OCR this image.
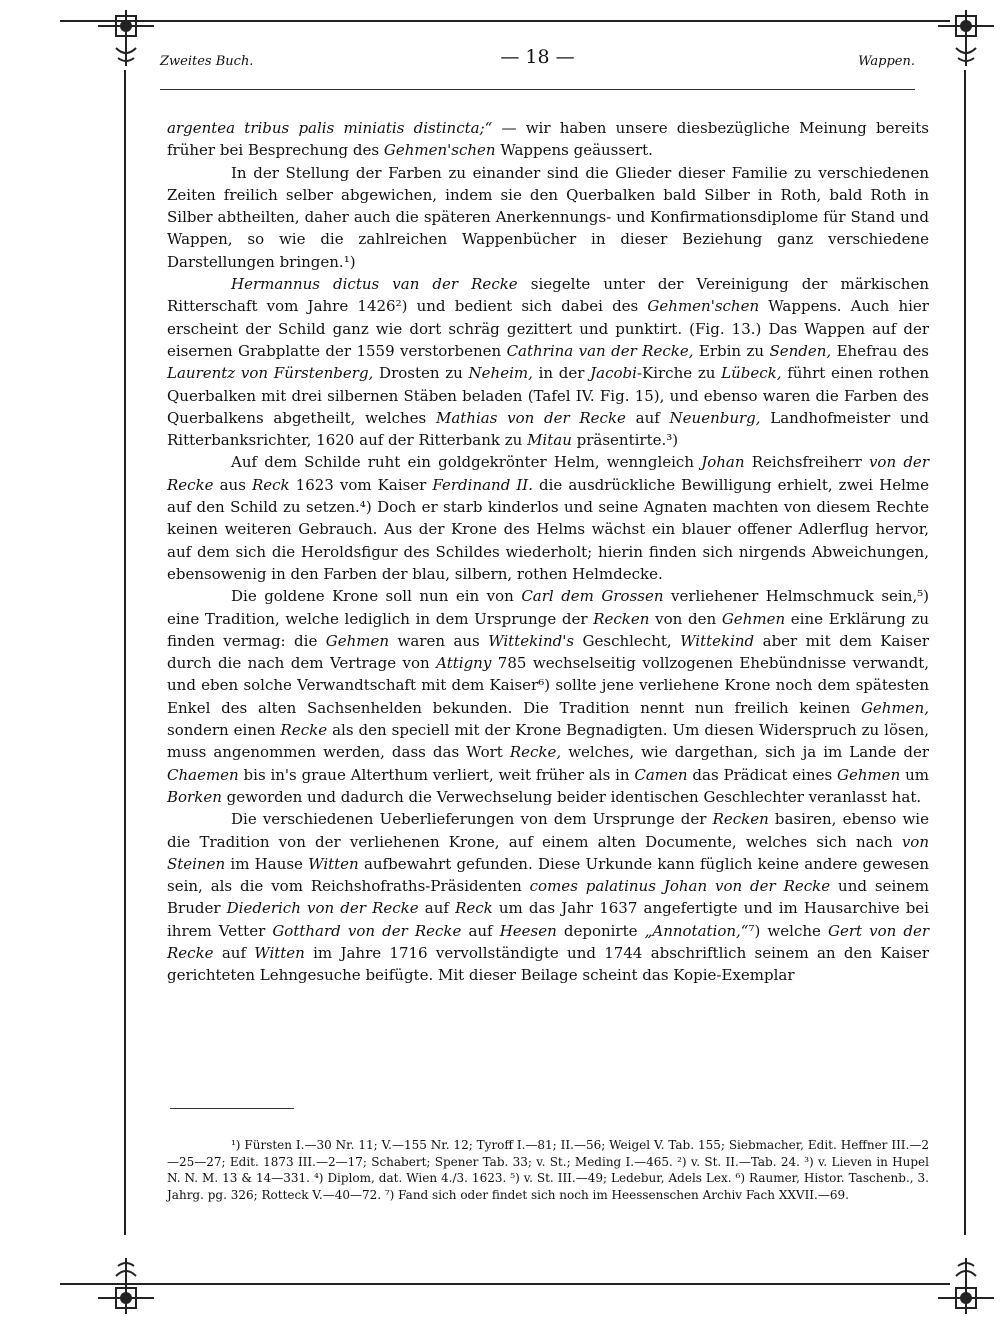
Zweites Buch.	— 18 —	Wappen.

argentea tribus palis miniatis distincta;“ — wir haben unsere diesbezügliche Meinung bereits früher bei Besprechung des Gehmen'schen Wappens geäussert.

In der Stellung der Farben zu einander sind die Glieder dieser Familie zu verschiedenen Zeiten freilich selber abgewichen, indem sie den Querbalken bald Silber in Roth, bald Roth in Silber abtheilten, daher auch die späteren Anerkennungs- und Konfirmationsdiplome für Stand und Wappen, so wie die zahlreichen Wappenbücher in dieser Beziehung ganz verschiedene Darstellungen bringen.¹)

Hermannus dictus van der Recke siegelte unter der Vereinigung der märkischen Ritterschaft vom Jahre 1426²) und bedient sich dabei des Gehmen'schen Wappens. Auch hier erscheint der Schild ganz wie dort schräg gezittert und punktirt. (Fig. 13.) Das Wappen auf der eisernen Grabplatte der 1559 verstorbenen Cathrina van der Recke, Erbin zu Senden, Ehefrau des Laurentz von Fürstenberg, Drosten zu Neheim, in der Jacobi-Kirche zu Lübeck, führt einen rothen Querbalken mit drei silbernen Stäben beladen (Tafel IV. Fig. 15), und ebenso waren die Farben des Querbalkens abgetheilt, welches Mathias von der Recke auf Neuenburg, Landhofmeister und Ritterbanksrichter, 1620 auf der Ritterbank zu Mitau präsentirte.³)

Auf dem Schilde ruht ein goldgekrönter Helm, wenngleich Johan Reichsfreiherr von der Recke aus Reck 1623 vom Kaiser Ferdinand II. die ausdrückliche Bewilligung erhielt, zwei Helme auf den Schild zu setzen.⁴) Doch er starb kinderlos und seine Agnaten machten von diesem Rechte keinen weiteren Gebrauch. Aus der Krone des Helms wächst ein blauer offener Adlerflug hervor, auf dem sich die Heroldsfigur des Schildes wiederholt; hierin finden sich nirgends Abweichungen, ebensowenig in den Farben der blau, silbern, rothen Helmdecke.

Die goldene Krone soll nun ein von Carl dem Grossen verliehener Helmschmuck sein,⁵) eine Tradition, welche lediglich in dem Ursprunge der Recken von den Gehmen eine Erklärung zu finden vermag: die Gehmen waren aus Wittekind's Geschlecht, Wittekind aber mit dem Kaiser durch die nach dem Vertrage von Attigny 785 wechselseitig vollzogenen Ehebündnisse verwandt, und eben solche Verwandtschaft mit dem Kaiser⁶) sollte jene verliehene Krone noch dem spätesten Enkel des alten Sachsenhelden bekunden. Die Tradition nennt nun freilich keinen Gehmen, sondern einen Recke als den speciell mit der Krone Begnadigten. Um diesen Widerspruch zu lösen, muss angenommen werden, dass das Wort Recke, welches, wie dargethan, sich ja im Lande der Chaemen bis in's graue Alterthum verliert, weit früher als in Camen das Prädicat eines Gehmen um Borken geworden und dadurch die Verwechselung beider identischen Geschlechter veranlasst hat.

Die verschiedenen Ueberlieferungen von dem Ursprunge der Recken basiren, ebenso wie die Tradition von der verliehenen Krone, auf einem alten Documente, welches sich nach von Steinen im Hause Witten aufbewahrt gefunden. Diese Urkunde kann füglich keine andere gewesen sein, als die vom Reichshofraths-Präsidenten comes palatinus Johan von der Recke und seinem Bruder Diederich von der Recke auf Reck um das Jahr 1637 angefertigte und im Hausarchive bei ihrem Vetter Gotthard von der Recke auf Heesen deponirte „Annotation,“⁷) welche Gert von der Recke auf Witten im Jahre 1716 vervollständigte und 1744 abschriftlich seinem an den Kaiser gerichteten Lehngesuche beifügte. Mit dieser Beilage scheint das Kopie-Exemplar

¹) Fürsten I.—30 Nr. 11; V.—155 Nr. 12; Tyroff I.—81; II.—56; Weigel V. Tab. 155; Siebmacher, Edit. Heffner III.—2—25—27; Edit. 1873 III.—2—17; Schabert; Spener Tab. 33; v. St.; Meding I.—465. ²) v. St. II.—Tab. 24. ³) v. Lieven in Hupel N. N. M. 13 & 14—331. ⁴) Diplom, dat. Wien 4./3. 1623. ⁵) v. St. III.—49; Ledebur, Adels Lex. ⁶) Raumer, Histor. Taschenb., 3. Jahrg. pg. 326; Rotteck V.—40—72. ⁷) Fand sich oder findet sich noch im Heessenschen Archiv Fach XXVII.—69.
